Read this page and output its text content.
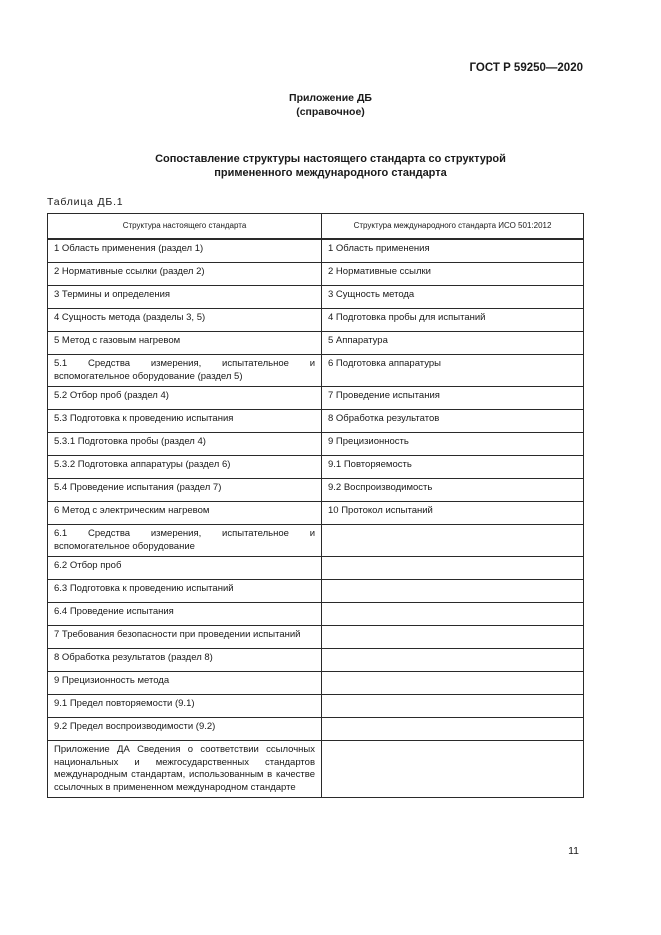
ГОСТ Р 59250—2020
Приложение ДБ
(справочное)
Сопоставление структуры настоящего стандарта со структурой
примененного международного стандарта
Таблица ДБ.1
Структура настоящего стандарта	Структура международного стандарта ИСО 501:2012
1 Область применения (раздел 1)	1 Область применения
2 Нормативные ссылки (раздел 2)	2 Нормативные ссылки
3 Термины и определения	3 Сущность метода
4 Сущность метода (разделы 3, 5)	4 Подготовка пробы для испытаний
5 Метод с газовым нагревом	5 Аппаратура
5.1 Средства измерения, испытательное и вспомогательное оборудование (раздел 5)	6 Подготовка аппаратуры
5.2 Отбор проб (раздел 4)	7 Проведение испытания
5.3 Подготовка к проведению испытания	8 Обработка результатов
5.3.1 Подготовка пробы (раздел 4)	9 Прецизионность
5.3.2 Подготовка аппаратуры (раздел 6)	9.1 Повторяемость
5.4 Проведение испытания (раздел 7)	9.2 Воспроизводимость
6 Метод с электрическим нагревом	10 Протокол испытаний
6.1 Средства измерения, испытательное и вспомогательное оборудование	
6.2 Отбор проб	
6.3 Подготовка к проведению испытаний	
6.4 Проведение испытания	
7 Требования безопасности при проведении испытаний	
8 Обработка результатов (раздел 8)	
9 Прецизионность метода	
9.1 Предел повторяемости (9.1)	
9.2 Предел воспроизводимости (9.2)	
Приложение ДА Сведения о соответствии ссылочных национальных и межгосударственных стандартов международным стандартам, использованным в качестве ссылочных в примененном международном стандарте	
11
